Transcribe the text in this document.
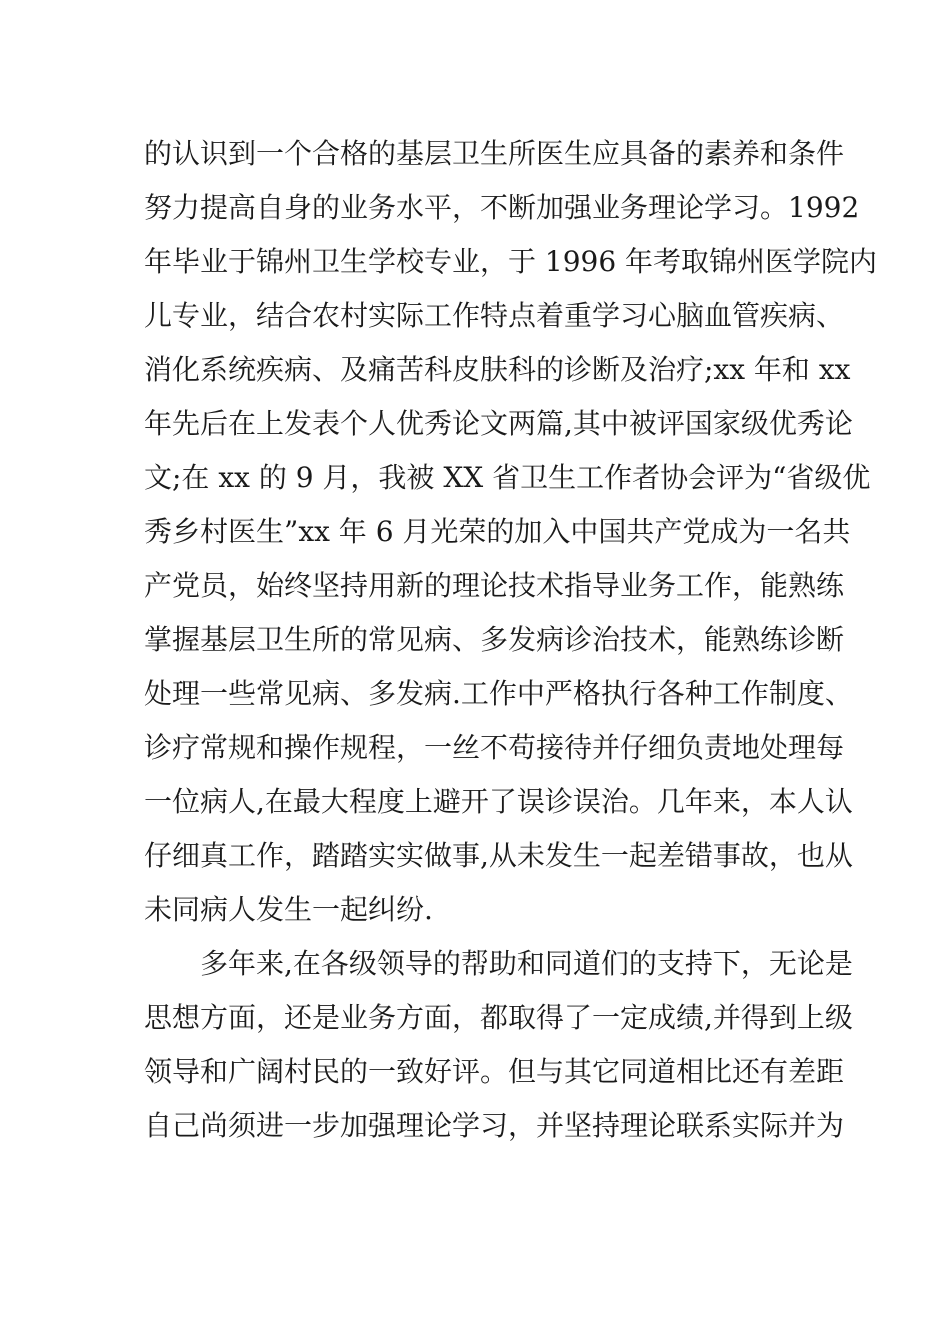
的认识到一个合格的基层卫生所医生应具备的素养和条件
努力提高自身的业务水平，不断加强业务理论学习。1992
年毕业于锦州卫生学校专业，于 1996 年考取锦州医学院内
儿专业，结合农村实际工作特点着重学习心脑血管疾病、
消化系统疾病、及痛苦科皮肤科的诊断及治疗;xx 年和 xx
年先后在上发表个人优秀论文两篇,其中被评国家级优秀论
文;在 xx 的 9 月，我被 XX 省卫生工作者协会评为“省级优
秀乡村医生”xx 年 6 月光荣的加入中国共产党成为一名共
产党员，始终坚持用新的理论技术指导业务工作，能熟练
掌握基层卫生所的常见病、多发病诊治技术，能熟练诊断
处理一些常见病、多发病.工作中严格执行各种工作制度、
诊疗常规和操作规程，一丝不苟接待并仔细负责地处理每
一位病人,在最大程度上避开了误诊误治。几年来，本人认
仔细真工作，踏踏实实做事,从未发生一起差错事故，也从
未同病人发生一起纠纷.
多年来,在各级领导的帮助和同道们的支持下，无论是
思想方面，还是业务方面，都取得了一定成绩,并得到上级
领导和广阔村民的一致好评。但与其它同道相比还有差距
自己尚须进一步加强理论学习，并坚持理论联系实际并为
